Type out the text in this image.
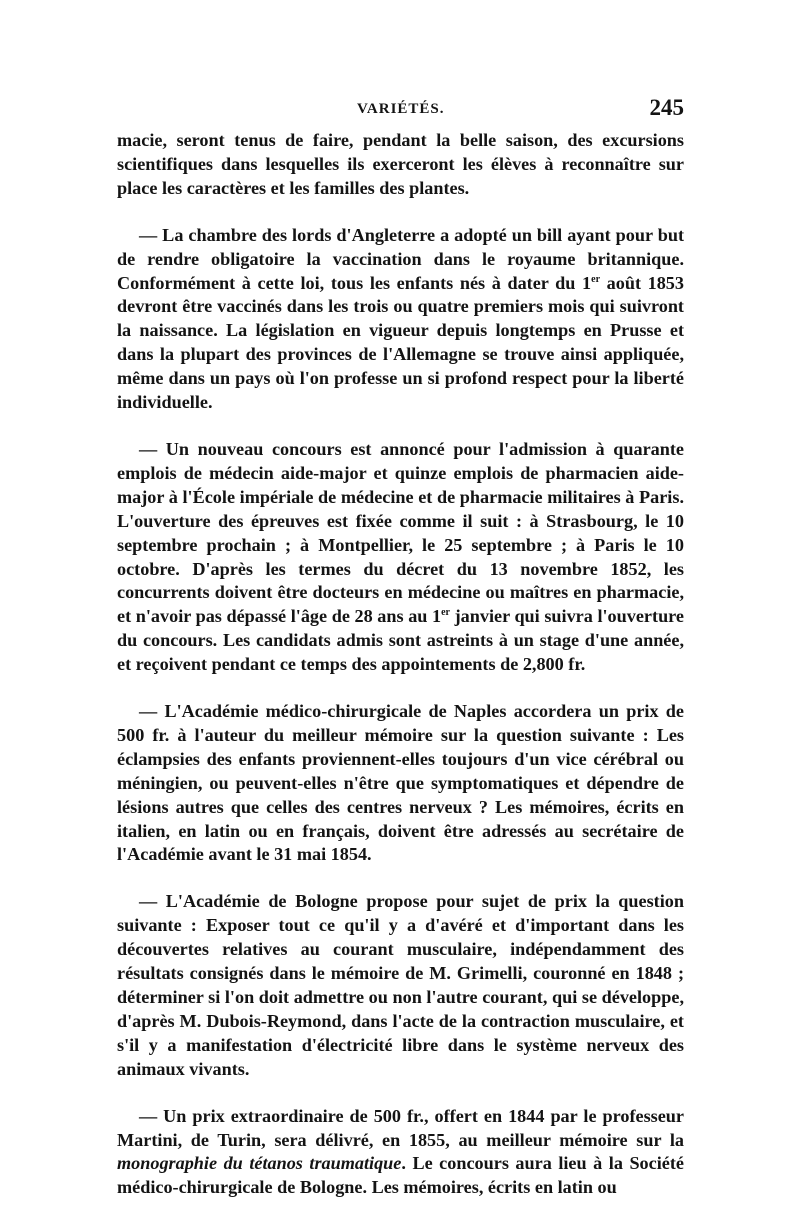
VARIÉTÉS.	245

macie, seront tenus de faire, pendant la belle saison, des excursions scientifiques dans lesquelles ils exerceront les élèves à reconnaître sur place les caractères et les familles des plantes.

— La chambre des lords d'Angleterre a adopté un bill ayant pour but de rendre obligatoire la vaccination dans le royaume britannique. Conformément à cette loi, tous les enfants nés à dater du 1er août 1853 devront être vaccinés dans les trois ou quatre premiers mois qui suivront la naissance. La législation en vigueur depuis longtemps en Prusse et dans la plupart des provinces de l'Allemagne se trouve ainsi appliquée, même dans un pays où l'on professe un si profond respect pour la liberté individuelle.

— Un nouveau concours est annoncé pour l'admission à quarante emplois de médecin aide-major et quinze emplois de pharmacien aide-major à l'École impériale de médecine et de pharmacie militaires à Paris. L'ouverture des épreuves est fixée comme il suit : à Strasbourg, le 10 septembre prochain ; à Montpellier, le 25 septembre ; à Paris le 10 octobre. D'après les termes du décret du 13 novembre 1852, les concurrents doivent être docteurs en médecine ou maîtres en pharmacie, et n'avoir pas dépassé l'âge de 28 ans au 1er janvier qui suivra l'ouverture du concours. Les candidats admis sont astreints à un stage d'une année, et reçoivent pendant ce temps des appointements de 2,800 fr.

— L'Académie médico-chirurgicale de Naples accordera un prix de 500 fr. à l'auteur du meilleur mémoire sur la question suivante : Les éclampsies des enfants proviennent-elles toujours d'un vice cérébral ou méningien, ou peuvent-elles n'être que symptomatiques et dépendre de lésions autres que celles des centres nerveux ? Les mémoires, écrits en italien, en latin ou en français, doivent être adressés au secrétaire de l'Académie avant le 31 mai 1854.

— L'Académie de Bologne propose pour sujet de prix la question suivante : Exposer tout ce qu'il y a d'avéré et d'important dans les découvertes relatives au courant musculaire, indépendamment des résultats consignés dans le mémoire de M. Grimelli, couronné en 1848 ; déterminer si l'on doit admettre ou non l'autre courant, qui se développe, d'après M. Dubois-Reymond, dans l'acte de la contraction musculaire, et s'il y a manifestation d'électricité libre dans le système nerveux des animaux vivants.

— Un prix extraordinaire de 500 fr., offert en 1844 par le professeur Martini, de Turin, sera délivré, en 1855, au meilleur mémoire sur la monographie du tétanos traumatique. Le concours aura lieu à la Société médico-chirurgicale de Bologne. Les mémoires, écrits en latin ou
